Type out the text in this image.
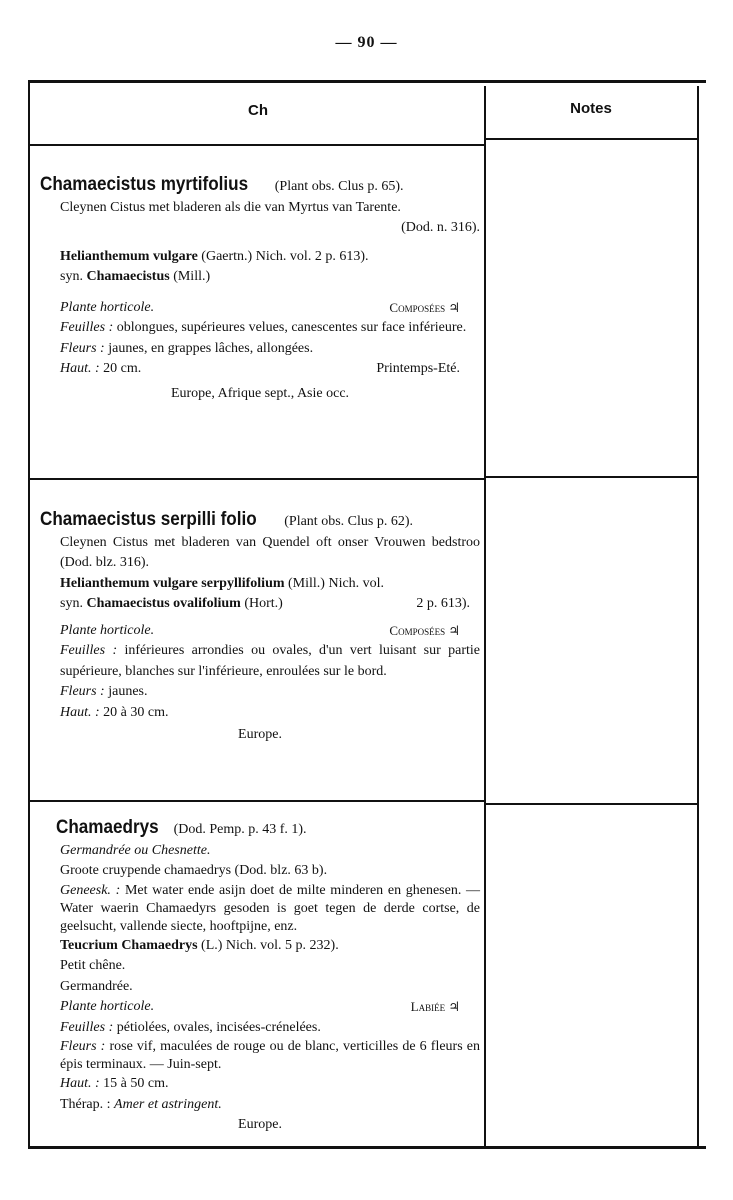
— 90 —
Ch	Notes
Chamaecistus myrtifolius (Plant obs. Clus p. 65).
Cleynen Cistus met bladeren als die van Myrtus van Tarente.
(Dod. n. 316).
Helianthemum vulgare (Gaertn.) Nich. vol. 2 p. 613).
syn. Chamaecistus (Mill.)
Plante horticole.	Composées ♃
Feuilles : oblongues, supérieures velues, canescentes sur face inférieure.
Fleurs : jaunes, en grappes lâches, allongées.
Haut. : 20 cm.	Printemps-Eté.
Europe, Afrique sept., Asie occ.
Chamaecistus serpilli folio (Plant obs. Clus p. 62).
Cleynen Cistus met bladeren van Quendel oft onser Vrouwen bedstroo (Dod. blz. 316).
Helianthemum vulgare serpyllifolium (Mill.) Nich. vol.
syn. Chamaecistus ovalifolium (Hort.)	2 p. 613).
Plante horticole.	Composées ♃
Feuilles : inférieures arrondies ou ovales, d'un vert luisant sur partie supérieure, blanches sur l'inférieure, enroulées sur le bord.
Fleurs : jaunes.
Haut. : 20 à 30 cm.
Europe.
Chamaedrys (Dod. Pemp. p. 43 f. 1).
Germandrée ou Chesnette.
Groote cruypende chamaedrys (Dod. blz. 63 b).
Geneesk. : Met water ende asijn doet de milte minderen en ghenesen. — Water waerin Chamaedyrs gesoden is goet tegen de derde cortse, de geelsucht, vallende siecte, hooftpijne, enz.
Teucrium Chamaedrys (L.) Nich. vol. 5 p. 232).
Petit chêne.
Germandrée.
Plante horticole.	Labiée ♃
Feuilles : pétiolées, ovales, incisées-crénelées.
Fleurs : rose vif, maculées de rouge ou de blanc, verticilles de 6 fleurs en épis terminaux. — Juin-sept.
Haut. : 15 à 50 cm.
Thérap. : Amer et astringent.
Europe.
